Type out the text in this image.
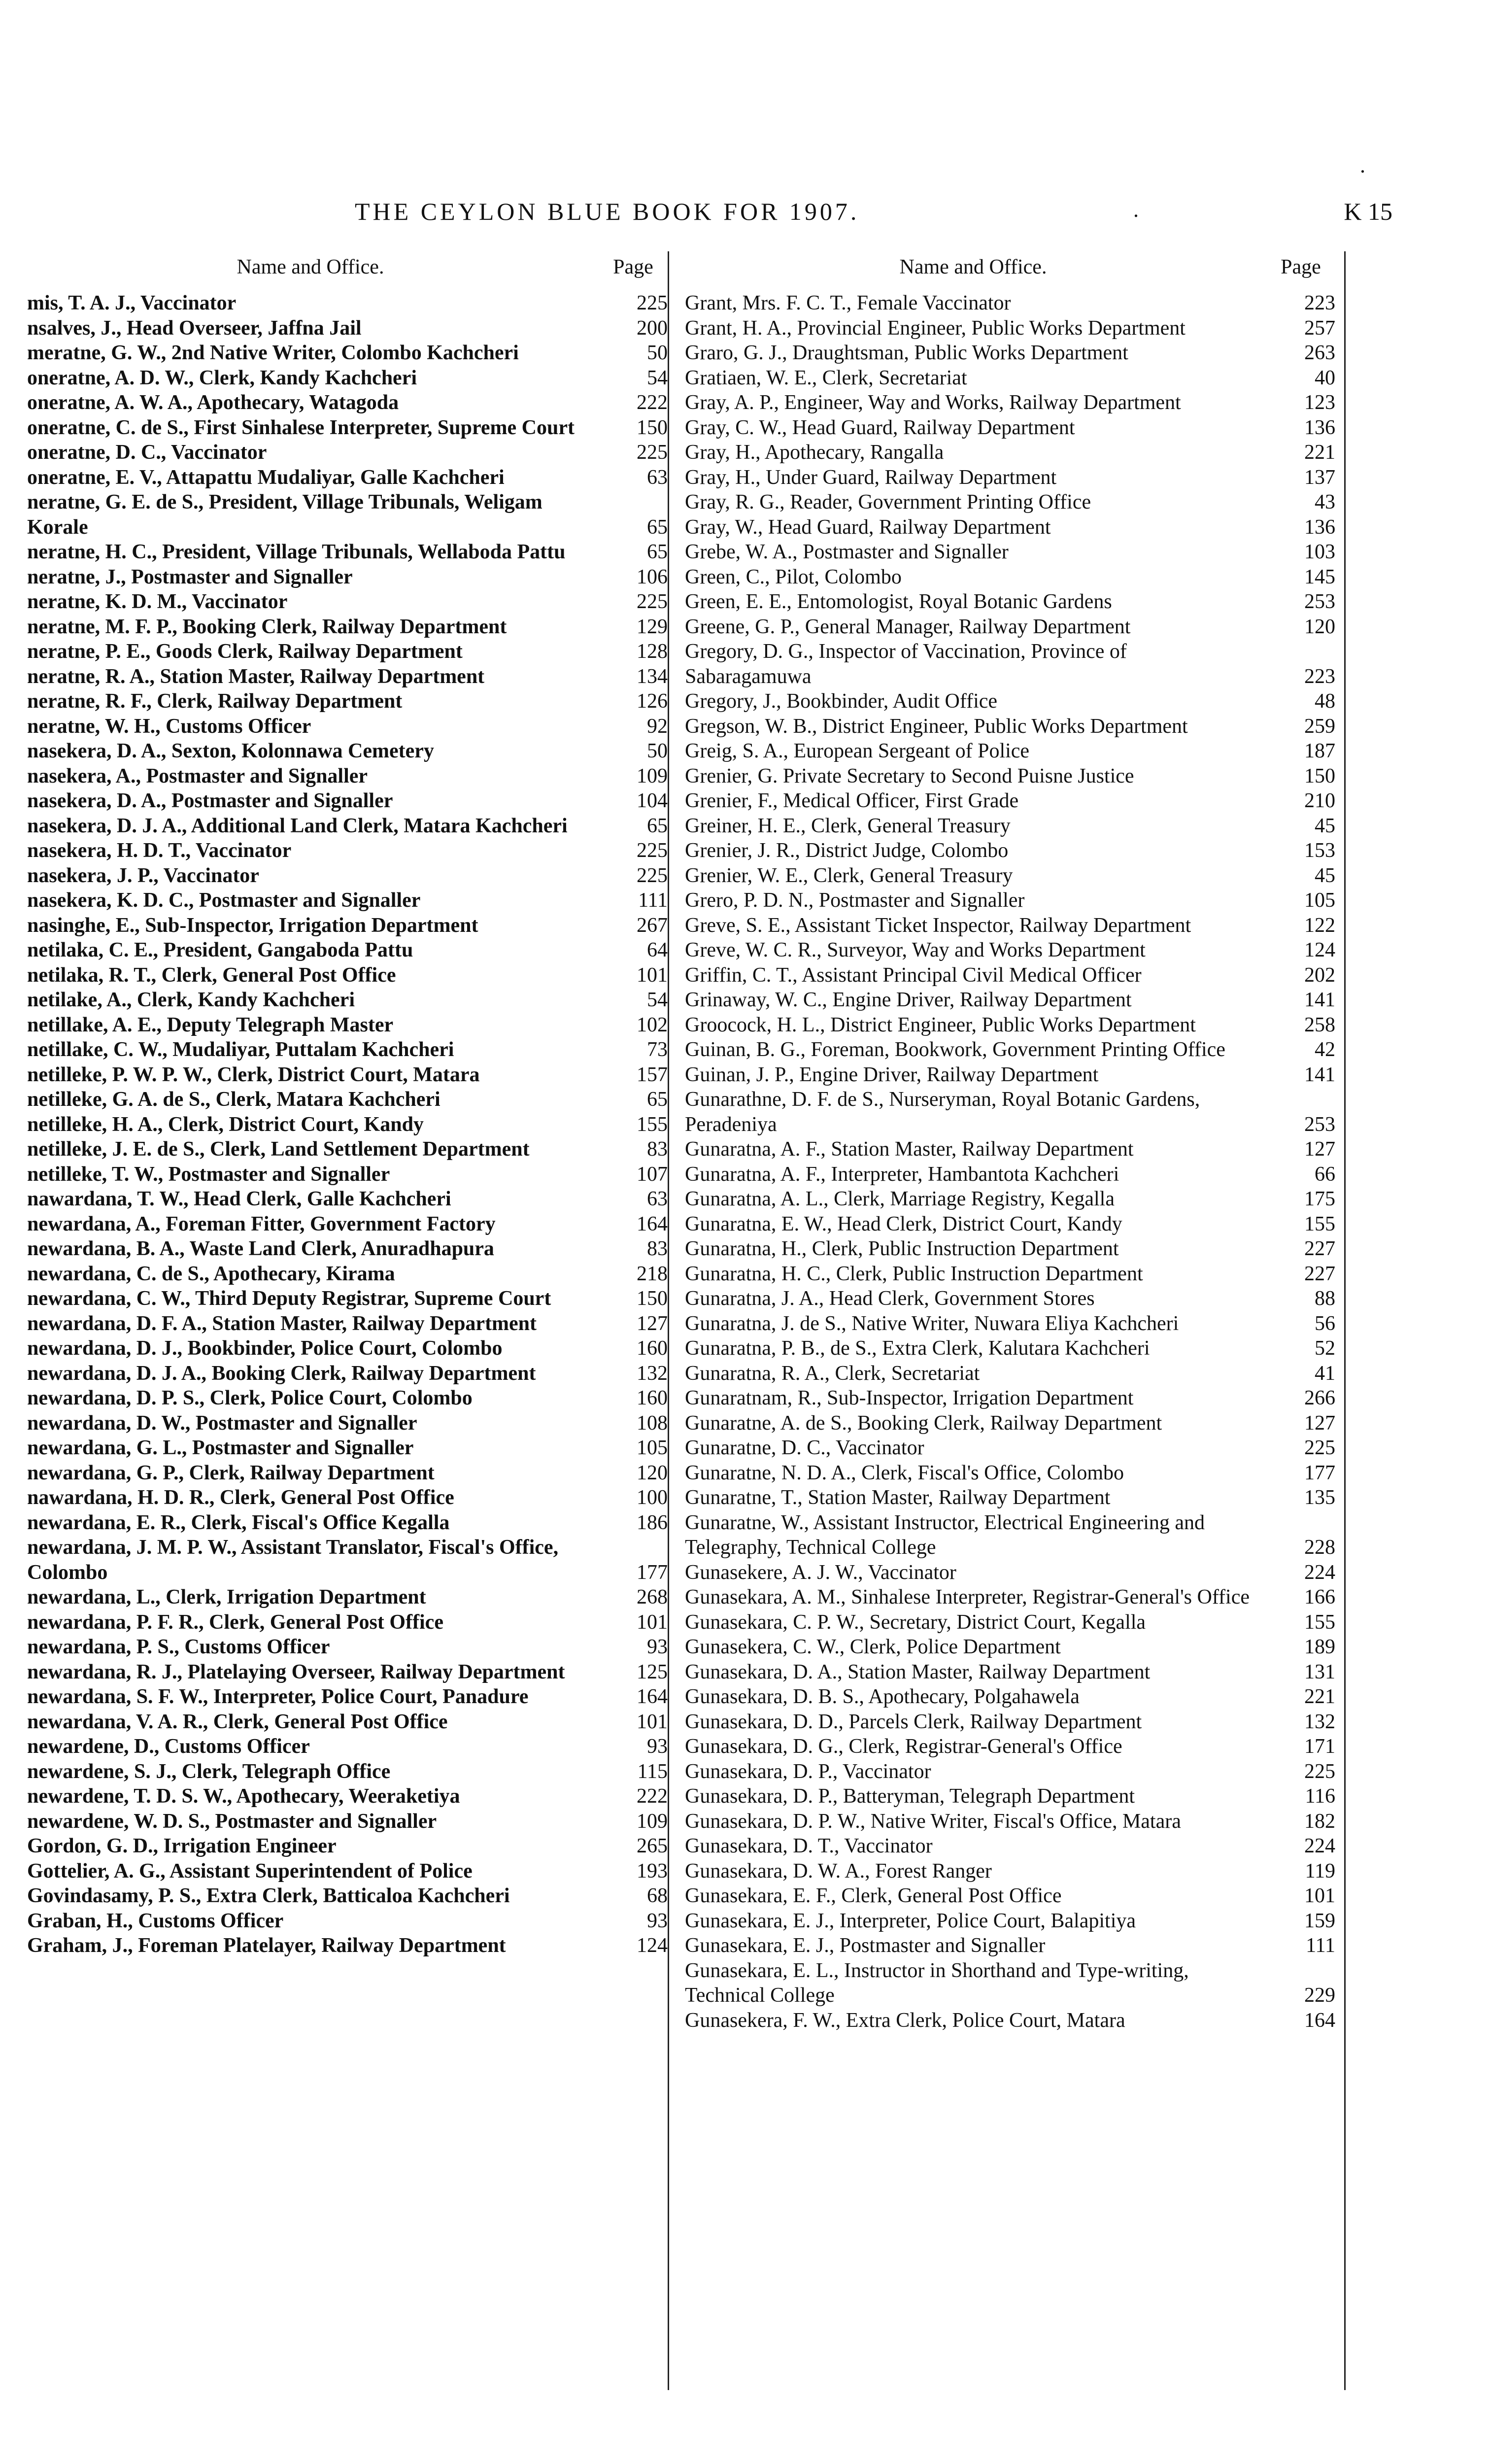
THE CEYLON BLUE BOOK FOR 1907.	K 15
.
.
Name and Office.	Page
mis, T. A. J., Vaccinator	225
nsalves, J., Head Overseer, Jaffna Jail	200
meratne, G. W., 2nd Native Writer, Colombo Kachcheri	50
oneratne, A. D. W., Clerk, Kandy Kachcheri	54
oneratne, A. W. A., Apothecary, Watagoda	222
oneratne, C. de S., First Sinhalese Interpreter, Supreme Court	150
oneratne, D. C., Vaccinator	225
oneratne, E. V., Attapattu Mudaliyar, Galle Kachcheri	63
neratne, G. E. de S., President, Village Tribunals, Weligam Korale	65
neratne, H. C., President, Village Tribunals, Wellaboda Pattu	65
neratne, J., Postmaster and Signaller	106
neratne, K. D. M., Vaccinator	225
neratne, M. F. P., Booking Clerk, Railway Department	129
neratne, P. E., Goods Clerk, Railway Department	128
neratne, R. A., Station Master, Railway Department	134
neratne, R. F., Clerk, Railway Department	126
neratne, W. H., Customs Officer	92
nasekera, D. A., Sexton, Kolonnawa Cemetery	50
nasekera, A., Postmaster and Signaller	109
nasekera, D. A., Postmaster and Signaller	104
nasekera, D. J. A., Additional Land Clerk, Matara Kachcheri	65
nasekera, H. D. T., Vaccinator	225
nasekera, J. P., Vaccinator	225
nasekera, K. D. C., Postmaster and Signaller	111
nasinghe, E., Sub-Inspector, Irrigation Department	267
netilaka, C. E., President, Gangaboda Pattu	64
netilaka, R. T., Clerk, General Post Office	101
netilake, A., Clerk, Kandy Kachcheri	54
netillake, A. E., Deputy Telegraph Master	102
netillake, C. W., Mudaliyar, Puttalam Kachcheri	73
netilleke, P. W. P. W., Clerk, District Court, Matara	157
netilleke, G. A. de S., Clerk, Matara Kachcheri	65
netilleke, H. A., Clerk, District Court, Kandy	155
netilleke, J. E. de S., Clerk, Land Settlement Department	83
netilleke, T. W., Postmaster and Signaller	107
nawardana, T. W., Head Clerk, Galle Kachcheri	63
newardana, A., Foreman Fitter, Government Factory	164
newardana, B. A., Waste Land Clerk, Anuradhapura	83
newardana, C. de S., Apothecary, Kirama	218
newardana, C. W., Third Deputy Registrar, Supreme Court	150
newardana, D. F. A., Station Master, Railway Department	127
newardana, D. J., Bookbinder, Police Court, Colombo	160
newardana, D. J. A., Booking Clerk, Railway Department	132
newardana, D. P. S., Clerk, Police Court, Colombo	160
newardana, D. W., Postmaster and Signaller	108
newardana, G. L., Postmaster and Signaller	105
newardana, G. P., Clerk, Railway Department	120
nawardana, H. D. R., Clerk, General Post Office	100
newardana, E. R., Clerk, Fiscal's Office Kegalla	186
newardana, J. M. P. W., Assistant Translator, Fiscal's Office, Colombo	177
newardana, L., Clerk, Irrigation Department	268
newardana, P. F. R., Clerk, General Post Office	101
newardana, P. S., Customs Officer	93
newardana, R. J., Platelaying Overseer, Railway Department	125
newardana, S. F. W., Interpreter, Police Court, Panadure	164
newardana, V. A. R., Clerk, General Post Office	101
newardene, D., Customs Officer	93
newardene, S. J., Clerk, Telegraph Office	115
newardene, T. D. S. W., Apothecary, Weeraketiya	222
newardene, W. D. S., Postmaster and Signaller	109
Gordon, G. D., Irrigation Engineer	265
Gottelier, A. G., Assistant Superintendent of Police	193
Govindasamy, P. S., Extra Clerk, Batticaloa Kachcheri	68
Graban, H., Customs Officer	93
Graham, J., Foreman Platelayer, Railway Department	124
Name and Office.	Page
Grant, Mrs. F. C. T., Female Vaccinator	223
Grant, H. A., Provincial Engineer, Public Works Department	257
Graro, G. J., Draughtsman, Public Works Department	263
Gratiaen, W. E., Clerk, Secretariat	40
Gray, A. P., Engineer, Way and Works, Railway Department	123
Gray, C. W., Head Guard, Railway Department	136
Gray, H., Apothecary, Rangalla	221
Gray, H., Under Guard, Railway Department	137
Gray, R. G., Reader, Government Printing Office	43
Gray, W., Head Guard, Railway Department	136
Grebe, W. A., Postmaster and Signaller	103
Green, C., Pilot, Colombo	145
Green, E. E., Entomologist, Royal Botanic Gardens	253
Greene, G. P., General Manager, Railway Department	120
Gregory, D. G., Inspector of Vaccination, Province of Sabaragamuwa	223
Gregory, J., Bookbinder, Audit Office	48
Gregson, W. B., District Engineer, Public Works Department	259
Greig, S. A., European Sergeant of Police	187
Grenier, G. Private Secretary to Second Puisne Justice	150
Grenier, F., Medical Officer, First Grade	210
Greiner, H. E., Clerk, General Treasury	45
Grenier, J. R., District Judge, Colombo	153
Grenier, W. E., Clerk, General Treasury	45
Grero, P. D. N., Postmaster and Signaller	105
Greve, S. E., Assistant Ticket Inspector, Railway Department	122
Greve, W. C. R., Surveyor, Way and Works Department	124
Griffin, C. T., Assistant Principal Civil Medical Officer	202
Grinaway, W. C., Engine Driver, Railway Department	141
Groocock, H. L., District Engineer, Public Works Department	258
Guinan, B. G., Foreman, Bookwork, Government Printing Office	42
Guinan, J. P., Engine Driver, Railway Department	141
Gunarathne, D. F. de S., Nurseryman, Royal Botanic Gardens, Peradeniya	253
Gunaratna, A. F., Station Master, Railway Department	127
Gunaratna, A. F., Interpreter, Hambantota Kachcheri	66
Gunaratna, A. L., Clerk, Marriage Registry, Kegalla	175
Gunaratna, E. W., Head Clerk, District Court, Kandy	155
Gunaratna, H., Clerk, Public Instruction Department	227
Gunaratna, H. C., Clerk, Public Instruction Department	227
Gunaratna, J. A., Head Clerk, Government Stores	88
Gunaratna, J. de S., Native Writer, Nuwara Eliya Kachcheri	56
Gunaratna, P. B., de S., Extra Clerk, Kalutara Kachcheri	52
Gunaratna, R. A., Clerk, Secretariat	41
Gunaratnam, R., Sub-Inspector, Irrigation Department	266
Gunaratne, A. de S., Booking Clerk, Railway Department	127
Gunaratne, D. C., Vaccinator	225
Gunaratne, N. D. A., Clerk, Fiscal's Office, Colombo	177
Gunaratne, T., Station Master, Railway Department	135
Gunaratne, W., Assistant Instructor, Electrical Engineering and Telegraphy, Technical College	228
Gunasekere, A. J. W., Vaccinator	224
Gunasekara, A. M., Sinhalese Interpreter, Registrar-General's Office	166
Gunasekara, C. P. W., Secretary, District Court, Kegalla	155
Gunasekera, C. W., Clerk, Police Department	189
Gunasekara, D. A., Station Master, Railway Department	131
Gunasekara, D. B. S., Apothecary, Polgahawela	221
Gunasekara, D. D., Parcels Clerk, Railway Department	132
Gunasekara, D. G., Clerk, Registrar-General's Office	171
Gunasekara, D. P., Vaccinator	225
Gunasekara, D. P., Batteryman, Telegraph Department	116
Gunasekara, D. P. W., Native Writer, Fiscal's Office, Matara	182
Gunasekara, D. T., Vaccinator	224
Gunasekara, D. W. A., Forest Ranger	119
Gunasekara, E. F., Clerk, General Post Office	101
Gunasekara, E. J., Interpreter, Police Court, Balapitiya	159
Gunasekara, E. J., Postmaster and Signaller	111
Gunasekara, E. L., Instructor in Shorthand and Type-writing, Technical College	229
Gunasekera, F. W., Extra Clerk, Police Court, Matara	164
